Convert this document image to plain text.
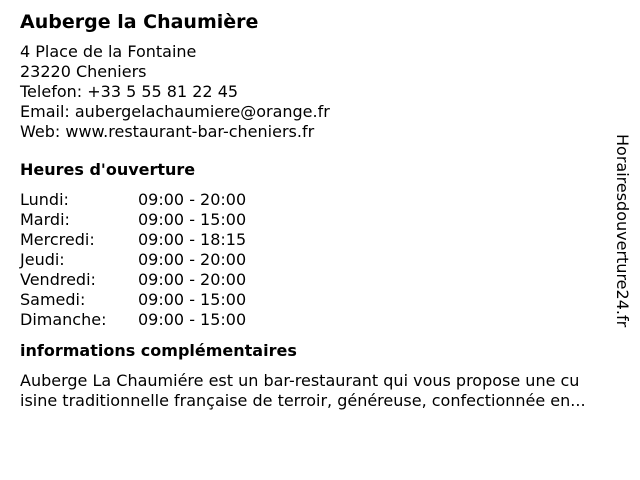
Auberge la Chaumière
4 Place de la Fontaine
23220 Cheniers
Telefon: +33 5 55 81 22 45
Email: aubergelachaumiere@orange.fr
Web: www.restaurant-bar-cheniers.fr
Heures d'ouverture
Lundi:	09:00 - 20:00
Mardi:	09:00 - 15:00
Mercredi:	09:00 - 18:15
Jeudi:	09:00 - 20:00
Vendredi:	09:00 - 20:00
Samedi:	09:00 - 15:00
Dimanche:	09:00 - 15:00
informations complémentaires
Auberge La Chaumiére est un bar-restaurant qui vous propose une cu
isine traditionnelle française de terroir, généreuse, confectionnée en...
Horairesdouverture24.fr
